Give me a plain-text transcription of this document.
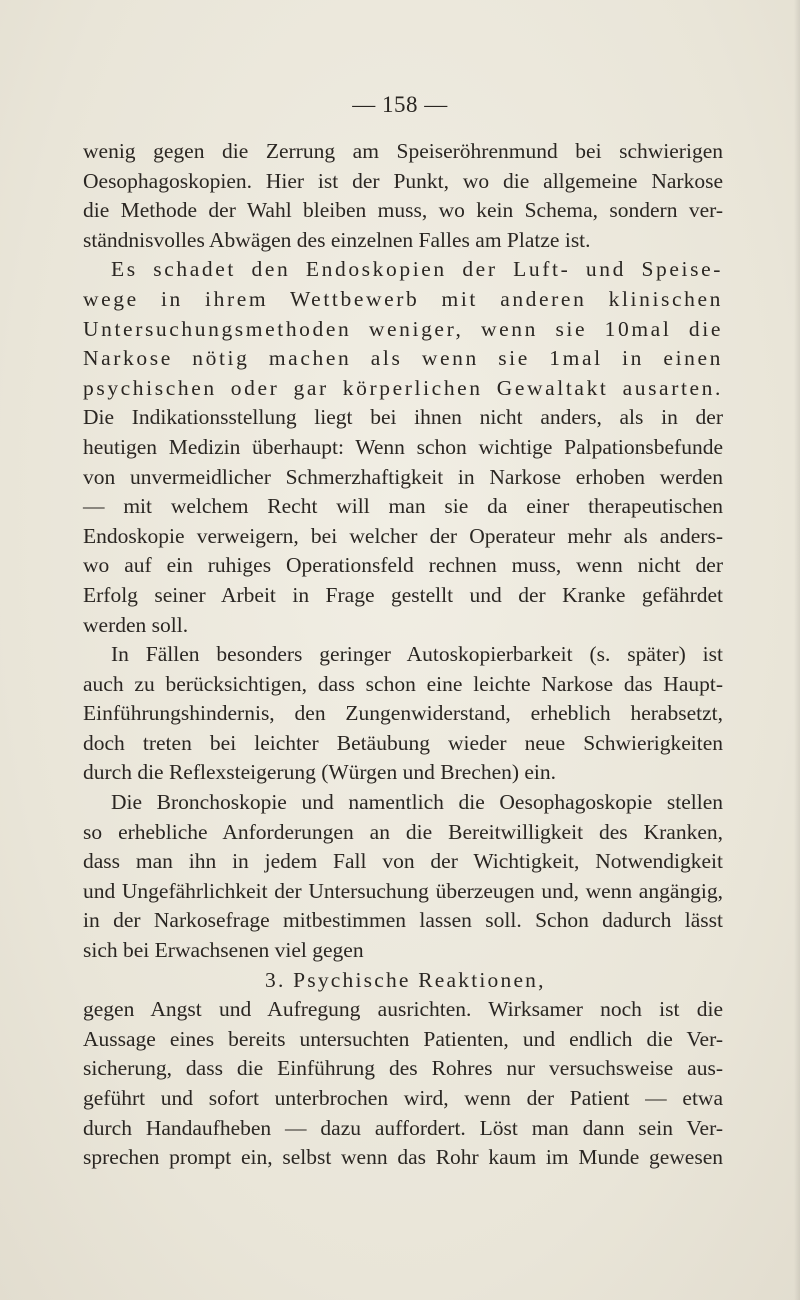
— 158 —
wenig gegen die Zerrung am Speiseröhrenmund bei schwierigen
Oesophagoskopien. Hier ist der Punkt, wo die allgemeine Narkose
die Methode der Wahl bleiben muss, wo kein Schema, sondern ver-
ständnisvolles Abwägen des einzelnen Falles am Platze ist.
Es schadet den Endoskopien der Luft- und Speise-
wege in ihrem Wettbewerb mit anderen klinischen
Untersuchungsmethoden weniger, wenn sie 10mal die
Narkose nötig machen als wenn sie 1mal in einen
psychischen oder gar körperlichen Gewaltakt ausarten.
Die Indikationsstellung liegt bei ihnen nicht anders, als in der
heutigen Medizin überhaupt: Wenn schon wichtige Palpationsbefunde
von unvermeidlicher Schmerzhaftigkeit in Narkose erhoben werden
— mit welchem Recht will man sie da einer therapeutischen
Endoskopie verweigern, bei welcher der Operateur mehr als anders-
wo auf ein ruhiges Operationsfeld rechnen muss, wenn nicht der
Erfolg seiner Arbeit in Frage gestellt und der Kranke gefährdet
werden soll.
In Fällen besonders geringer Autoskopierbarkeit (s. später) ist
auch zu berücksichtigen, dass schon eine leichte Narkose das Haupt-
Einführungshindernis, den Zungenwiderstand, erheblich herabsetzt,
doch treten bei leichter Betäubung wieder neue Schwierigkeiten
durch die Reflexsteigerung (Würgen und Brechen) ein.
Die Bronchoskopie und namentlich die Oesophagoskopie stellen
so erhebliche Anforderungen an die Bereitwilligkeit des Kranken,
dass man ihn in jedem Fall von der Wichtigkeit, Notwendigkeit
und Ungefährlichkeit der Untersuchung überzeugen und, wenn angängig,
in der Narkosefrage mitbestimmen lassen soll. Schon dadurch lässt
sich bei Erwachsenen viel gegen
3. Psychische Reaktionen,
gegen Angst und Aufregung ausrichten. Wirksamer noch ist die
Aussage eines bereits untersuchten Patienten, und endlich die Ver-
sicherung, dass die Einführung des Rohres nur versuchsweise aus-
geführt und sofort unterbrochen wird, wenn der Patient — etwa
durch Handaufheben — dazu auffordert. Löst man dann sein Ver-
sprechen prompt ein, selbst wenn das Rohr kaum im Munde gewesen
